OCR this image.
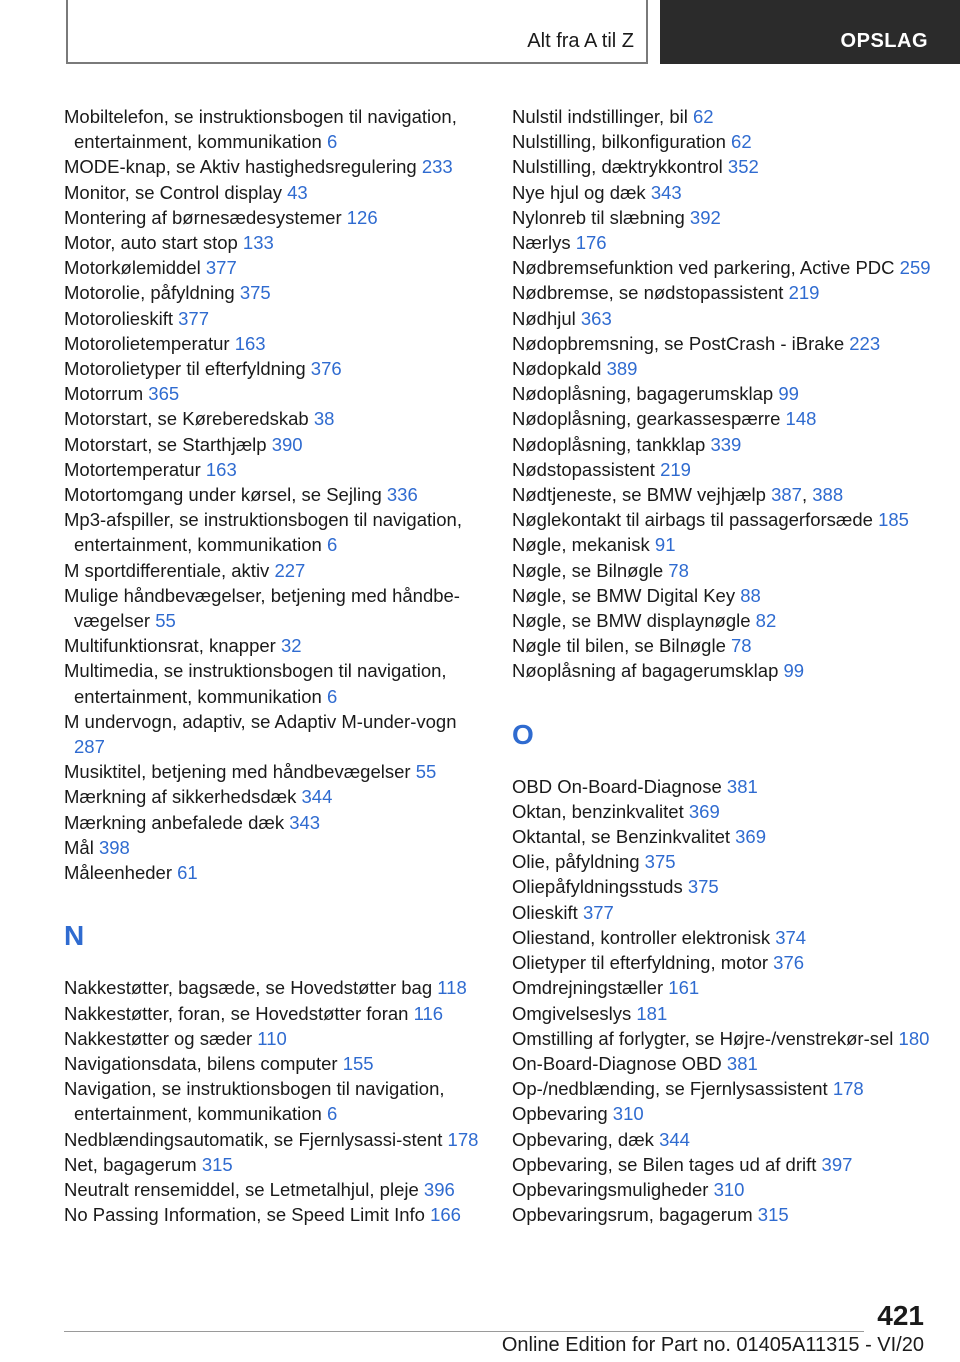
Alt fra A til Z	OPSLAG

Mobiltelefon, se instruktionsbogen til navigation, entertainment, kommunikation 6

MODE-knap, se Aktiv hastighedsregulering 233

Monitor, se Control display 43

Montering af børnesædesystemer 126

Motor, auto start stop 133

Motorkølemiddel 377

Motorolie, påfyldning 375

Motorolieskift 377

Motorolietemperatur 163

Motorolietyper til efterfyldning 376

Motorrum 365

Motorstart, se Køreberedskab 38

Motorstart, se Starthjælp 390

Motortemperatur 163

Motortomgang under kørsel, se Sejling 336

Mp3-afspiller, se instruktionsbogen til navigation, entertainment, kommunikation 6

M sportdifferentiale, aktiv 227

Mulige håndbevægelser, betjening med håndbe-vægelser 55

Multifunktionsrat, knapper 32

Multimedia, se instruktionsbogen til navigation, entertainment, kommunikation 6

M undervogn, adaptiv, se Adaptiv M-under-vogn 287

Musiktitel, betjening med håndbevægelser 55

Mærkning af sikkerhedsdæk 344

Mærkning anbefalede dæk 343

Mål 398

Måleenheder 61

N

Nakkestøtter, bagsæde, se Hovedstøtter bag 118

Nakkestøtter, foran, se Hovedstøtter foran 116

Nakkestøtter og sæder 110

Navigationsdata, bilens computer 155

Navigation, se instruktionsbogen til navigation, entertainment, kommunikation 6

Nedblændingsautomatik, se Fjernlysassi-stent 178

Net, bagagerum 315

Neutralt rensemiddel, se Letmetalhjul, pleje 396

No Passing Information, se Speed Limit Info 166

Nulstil indstillinger, bil 62

Nulstilling, bilkonfiguration 62

Nulstilling, dæktrykkontrol 352

Nye hjul og dæk 343

Nylonreb til slæbning 392

Nærlys 176

Nødbremsefunktion ved parkering, Active PDC 259

Nødbremse, se nødstopassistent 219

Nødhjul 363

Nødopbremsning, se PostCrash - iBrake 223

Nødopkald 389

Nødoplåsning, bagagerumsklap 99

Nødoplåsning, gearkassespærre 148

Nødoplåsning, tankklap 339

Nødstopassistent 219

Nødtjeneste, se BMW vejhjælp 387, 388

Nøglekontakt til airbags til passagerforsæde 185

Nøgle, mekanisk 91

Nøgle, se Bilnøgle 78

Nøgle, se BMW Digital Key 88

Nøgle, se BMW displaynøgle 82

Nøgle til bilen, se Bilnøgle 78

Nøoplåsning af bagagerumsklap 99

O

OBD On-Board-Diagnose 381

Oktan, benzinkvalitet 369

Oktantal, se Benzinkvalitet 369

Olie, påfyldning 375

Oliepåfyldningsstuds 375

Olieskift 377

Oliestand, kontroller elektronisk 374

Olietyper til efterfyldning, motor 376

Omdrejningstæller 161

Omgivelseslys 181

Omstilling af forlygter, se Højre-/venstrekør-sel 180

On-Board-Diagnose OBD 381

Op-/nedblænding, se Fjernlysassistent 178

Opbevaring 310

Opbevaring, dæk 344

Opbevaring, se Bilen tages ud af drift 397

Opbevaringsmuligheder 310

Opbevaringsrum, bagagerum 315

421
Online Edition for Part no. 01405A11315 - VI/20
